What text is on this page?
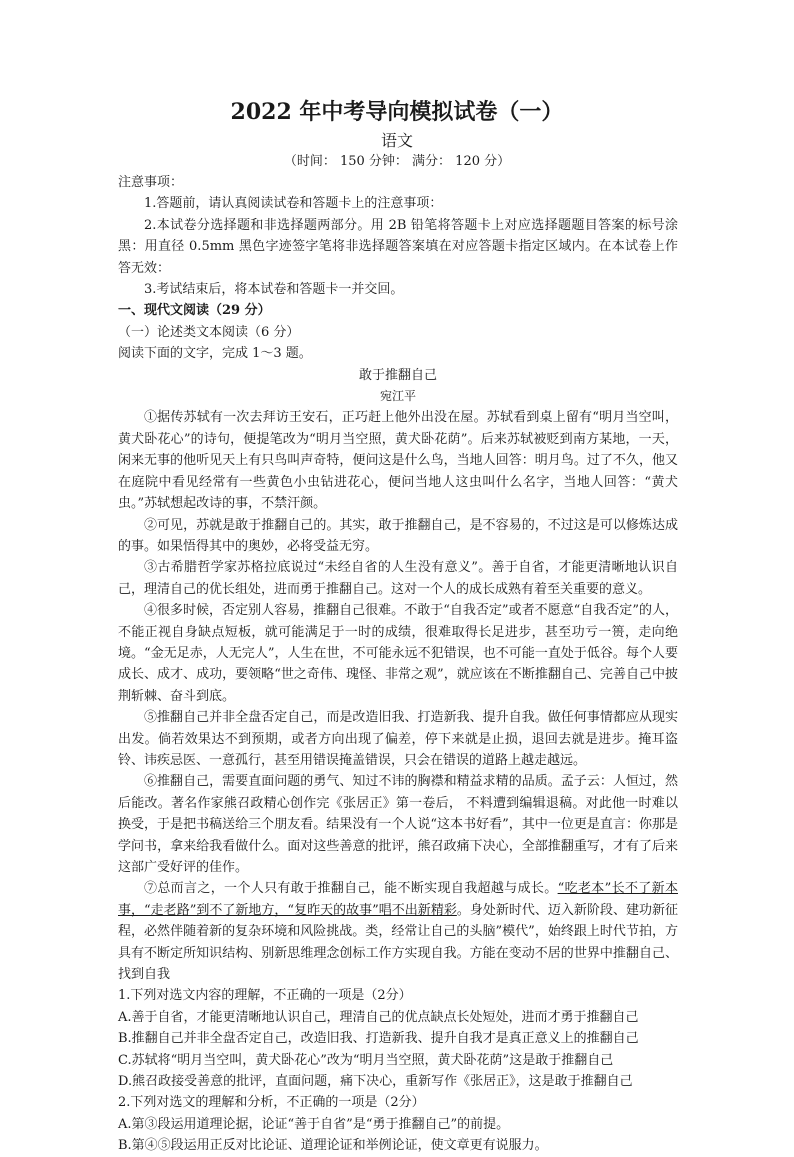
2022 年中考导向模拟试卷（一）
语文
（时间： 150 分钟： 满分： 120 分）

注意事项：

1.答题前，请认真阅读试卷和答题卡上的注意事项：

2.本试卷分选择题和非选择题两部分。用 2B 铅笔将答题卡上对应选择题题目答案的标号涂黑：用直径 0.5mm 黑色字迹签字笔将非选择题答案填在对应答题卡指定区域内。在本试卷上作答无效：

3.考试结束后，将本试卷和答题卡一并交回。

一、现代文阅读（29 分）

（一）论述类文本阅读（6 分）

阅读下面的文字，完成 1～3 题。

敢于推翻自己

宛江平

①据传苏轼有一次去拜访王安石，正巧赶上他外出没在屋。苏轼看到桌上留有“明月当空叫，黄犬卧花心”的诗句，便提笔改为“明月当空照，黄犬卧花荫”。后来苏轼被贬到南方某地，一天，闲来无事的他听见天上有只鸟叫声奇特，便问这是什么鸟，当地人回答：明月鸟。过了不久，他又在庭院中看见经常有一些黄色小虫钻进花心，便问当地人这虫叫什么名字，当地人回答：“黄犬虫。”苏轼想起改诗的事，不禁汗颜。

②可见，苏就是敢于推翻自己的。其实，敢于推翻自己，是不容易的，不过这是可以修炼达成的事。如果悟得其中的奥妙，必将受益无穷。

③古希腊哲学家苏格拉底说过“未经自省的人生没有意义”。善于自省，才能更清晰地认识自己，理清自己的优长组处，进而勇于推翻自己。这对一个人的成长成熟有着至关重要的意义。

④很多时候，否定别人容易，推翻自己很难。不敢于“自我否定”或者不愿意“自我否定”的人，不能正视自身缺点短板，就可能满足于一时的成绩，很难取得长足进步，甚至功亏一篑，走向绝境。“金无足赤，人无完人”，人生在世，不可能永远不犯错误，也不可能一直处于低谷。每个人要成长、成才、成功，要领略“世之奇伟、瑰怪、非常之观”，就应该在不断推翻自己、完善自己中披荆斩棘、奋斗到底。

⑤推翻自己并非全盘否定自己，而是改造旧我、打造新我、提升自我。做任何事情都应从现实出发。倘若效果达不到预期，或者方向出现了偏差，停下来就是止损，退回去就是进步。掩耳盗铃、讳疾忌医、一意孤行，甚至用错误掩盖错误，只会在错误的道路上越走越远。

⑥推翻自己，需要直面问题的勇气、知过不讳的胸襟和精益求精的品质。孟子云：人恒过，然后能改。著名作家熊召政精心创作完《张居正》第一卷后， 不料遭到编辑退稿。对此他一时难以换受，于是把书稿送给三个朋友看。结果没有一个人说“这本书好看”，其中一位更是直言：你那是学问书，拿来给我看做什么。面对这些善意的批评，熊召政痛下决心，全部推翻重写，才有了后来这部广受好评的佳作。

⑦总而言之，一个人只有敢于推翻自己，能不断实现自我超越与成长。“吃老本”长不了新本事，“走老路”到不了新地方，“复昨天的故事”唱不出新精彩。身处新时代、迈入新阶段、建功新征程，必然伴随着新的复杂环境和风险挑战。类，经常让自己的头脑”模代”，始终跟上时代节拍，方具有不断定所知识结构、别新思维理念创标工作方实现自我。方能在变动不居的世界中推翻自己、找到自我

1.下列对选文内容的理解，不正确的一项是（2分）

A.善于自省，才能更清晰地认识自己，理清自己的优点缺点长处短处，进而才勇于推翻自己

B.推翻自己并非全盘否定自己，改造旧我、打造新我、提升自我才是真正意义上的推翻自己

C.苏轼将“明月当空叫，黄犬卧花心”改为“明月当空照，黄犬卧花荫”这是敢于推翻自己

D.熊召政接受善意的批评，直面问题，痛下决心，重新写作《张居正》，这是敢于推翻自己

2.下列对选文的理解和分析，不正确的一项是（2分）

A.第③段运用道理论据，论证“善于自省”是“勇于推翻自己”的前提。

B.第④⑤段运用正反对比论证、道理论证和举例论证，使文章更有说服力。
